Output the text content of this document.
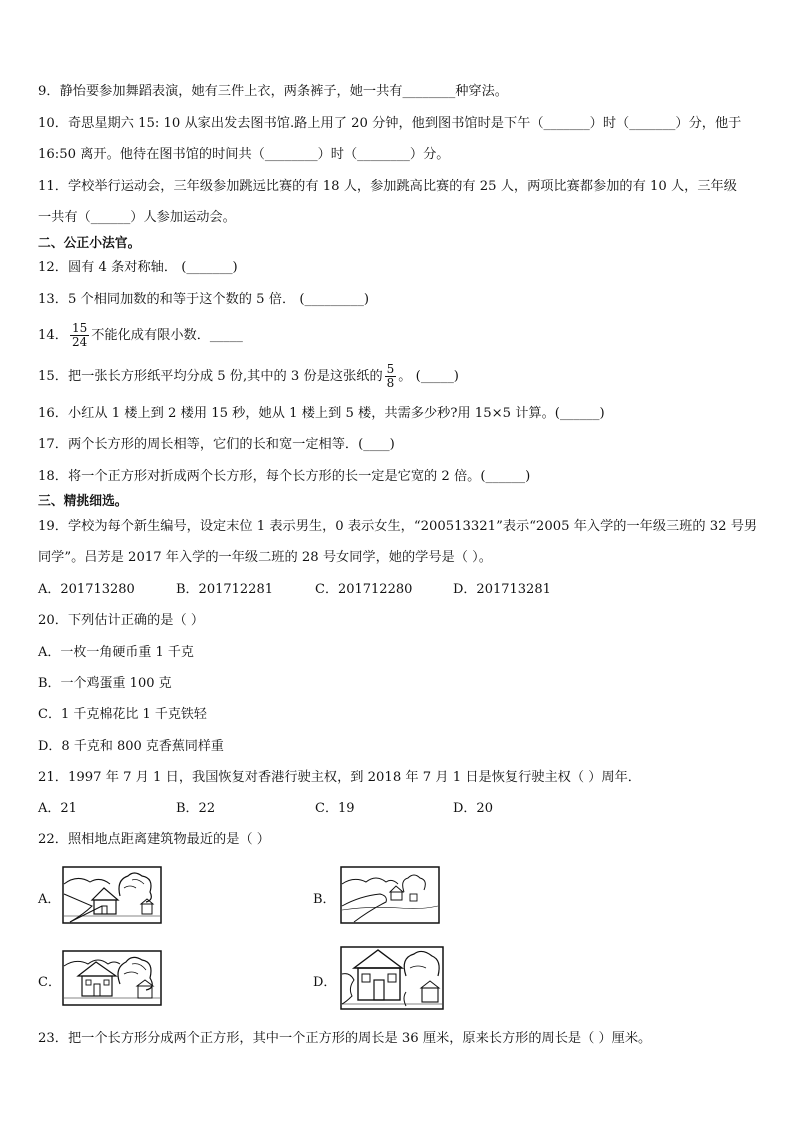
9．静怡要参加舞蹈表演，她有三件上衣，两条裤子，她一共有________种穿法。
10．奇思星期六 15: 10 从家出发去图书馆.路上用了 20 分钟，他到图书馆时是下午（_______）时（_______）分，他于
16:50 离开。他待在图书馆的时间共（________）时（________）分。
11．学校举行运动会，三年级参加跳远比赛的有 18 人，参加跳高比赛的有 25 人，两项比赛都参加的有 10 人，三年级
一共有（______）人参加运动会。
二、公正小法官。
12．圆有 4 条对称轴． (_______)
13．5 个相同加数的和等于这个数的 5 倍． (_________)
14． $\frac{15}{24}$ 不能化成有限小数．_____
15．把一张长方形纸平均分成 5 份,其中的 3 份是这张纸的 $\frac{5}{8}$ 。 (_____)
16．小红从 1 楼上到 2 楼用 15 秒，她从 1 楼上到 5 楼，共需多少秒?用 15×5 计算。(______)
17．两个长方形的周长相等，它们的长和宽一定相等．(____)
18．将一个正方形对折成两个长方形，每个长方形的长一定是它宽的 2 倍。(______)
三、精挑细选。
19．学校为每个新生编号，设定末位 1 表示男生，0 表示女生，“200513321”表示“2005 年入学的一年级三班的 32 号男
同学”。吕芳是 2017 年入学的一年级二班的 28 号女同学，她的学号是（ ）。
A．201713280	B．201712281	C．201712280	D．201713281
20．下列估计正确的是（ ）
A．一枚一角硬币重 1 千克
B．一个鸡蛋重 100 克
C．1 千克棉花比 1 千克铁轻
D．8 千克和 800 克香蕉同样重
21．1997 年 7 月 1 日，我国恢复对香港行驶主权，到 2018 年 7 月 1 日是恢复行驶主权（ ）周年．
A．21	B．22	C．19	D．20
22．照相地点距离建筑物最近的是（ ）
A．	B．
C．	D．
23．把一个长方形分成两个正方形，其中一个正方形的周长是 36 厘米，原来长方形的周长是（ ）厘米。
